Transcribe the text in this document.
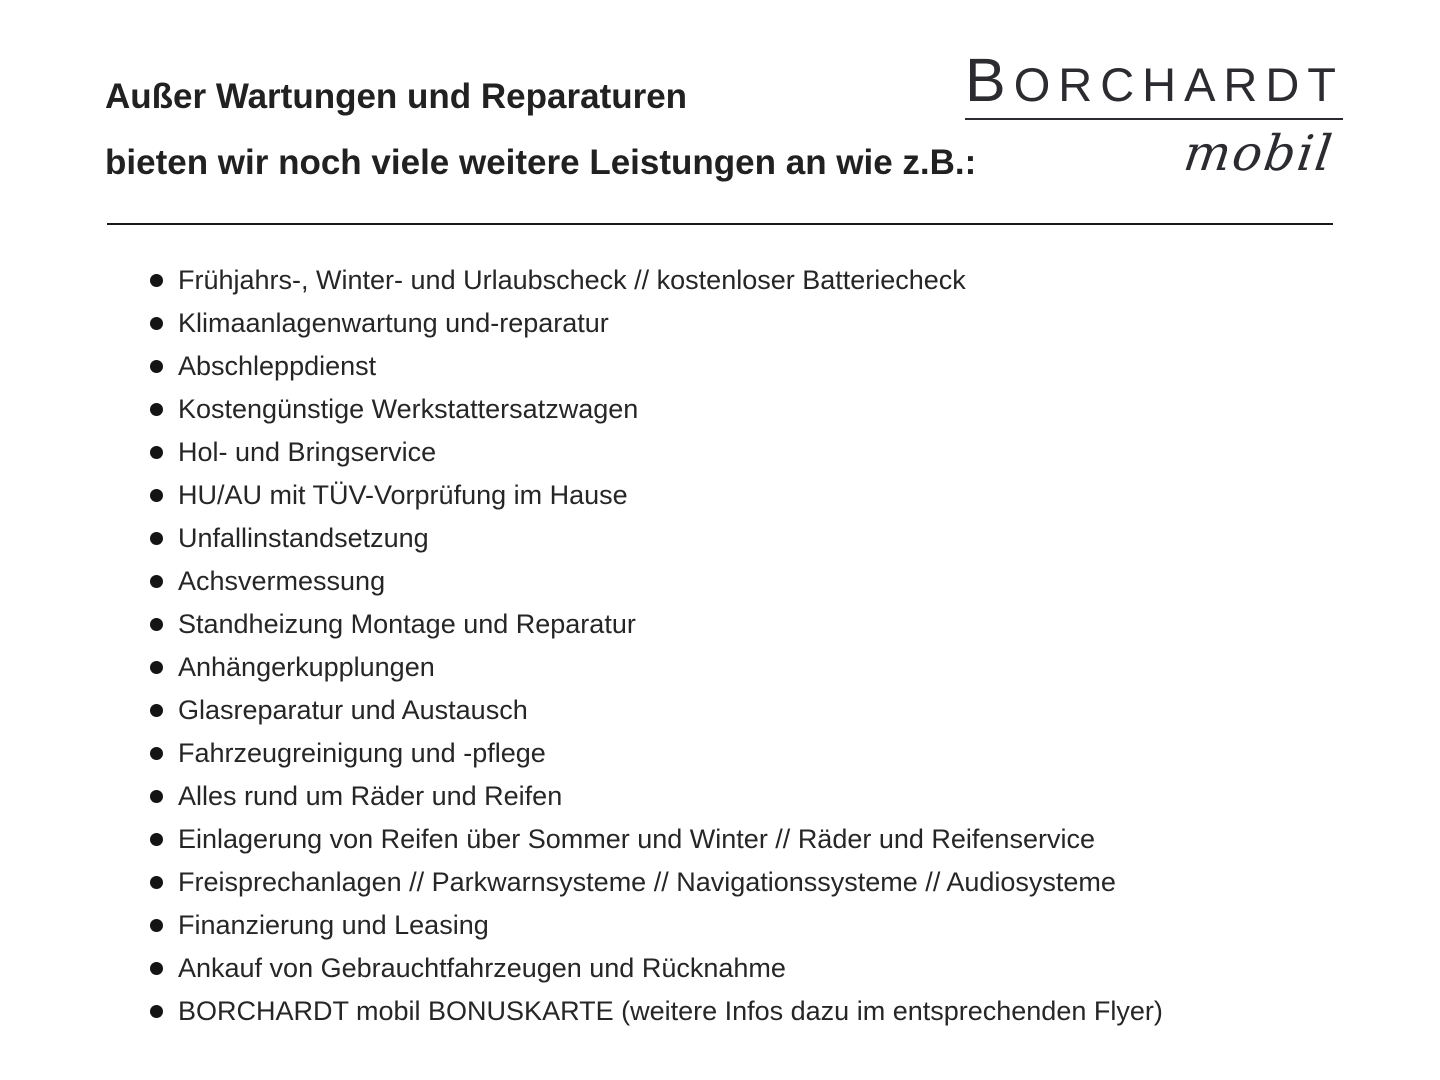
Außer Wartungen und Reparaturen
bieten wir noch viele weitere Leistungen an wie z.B.:
BORCHARDT
mobil
Frühjahrs-, Winter- und Urlaubscheck // kostenloser Batteriecheck
Klimaanlagenwartung und-reparatur
Abschleppdienst
Kostengünstige Werkstattersatzwagen
Hol- und Bringservice
HU/AU mit TÜV-Vorprüfung im Hause
Unfallinstandsetzung
Achsvermessung
Standheizung Montage und Reparatur
Anhängerkupplungen
Glasreparatur und Austausch
Fahrzeugreinigung und -pflege
Alles rund um Räder und Reifen
Einlagerung von Reifen über Sommer und Winter // Räder und Reifenservice
Freisprechanlagen // Parkwarnsysteme // Navigationssysteme // Audiosysteme
Finanzierung und Leasing
Ankauf von Gebrauchtfahrzeugen und Rücknahme
BORCHARDT mobil BONUSKARTE (weitere Infos dazu im entsprechenden Flyer)
